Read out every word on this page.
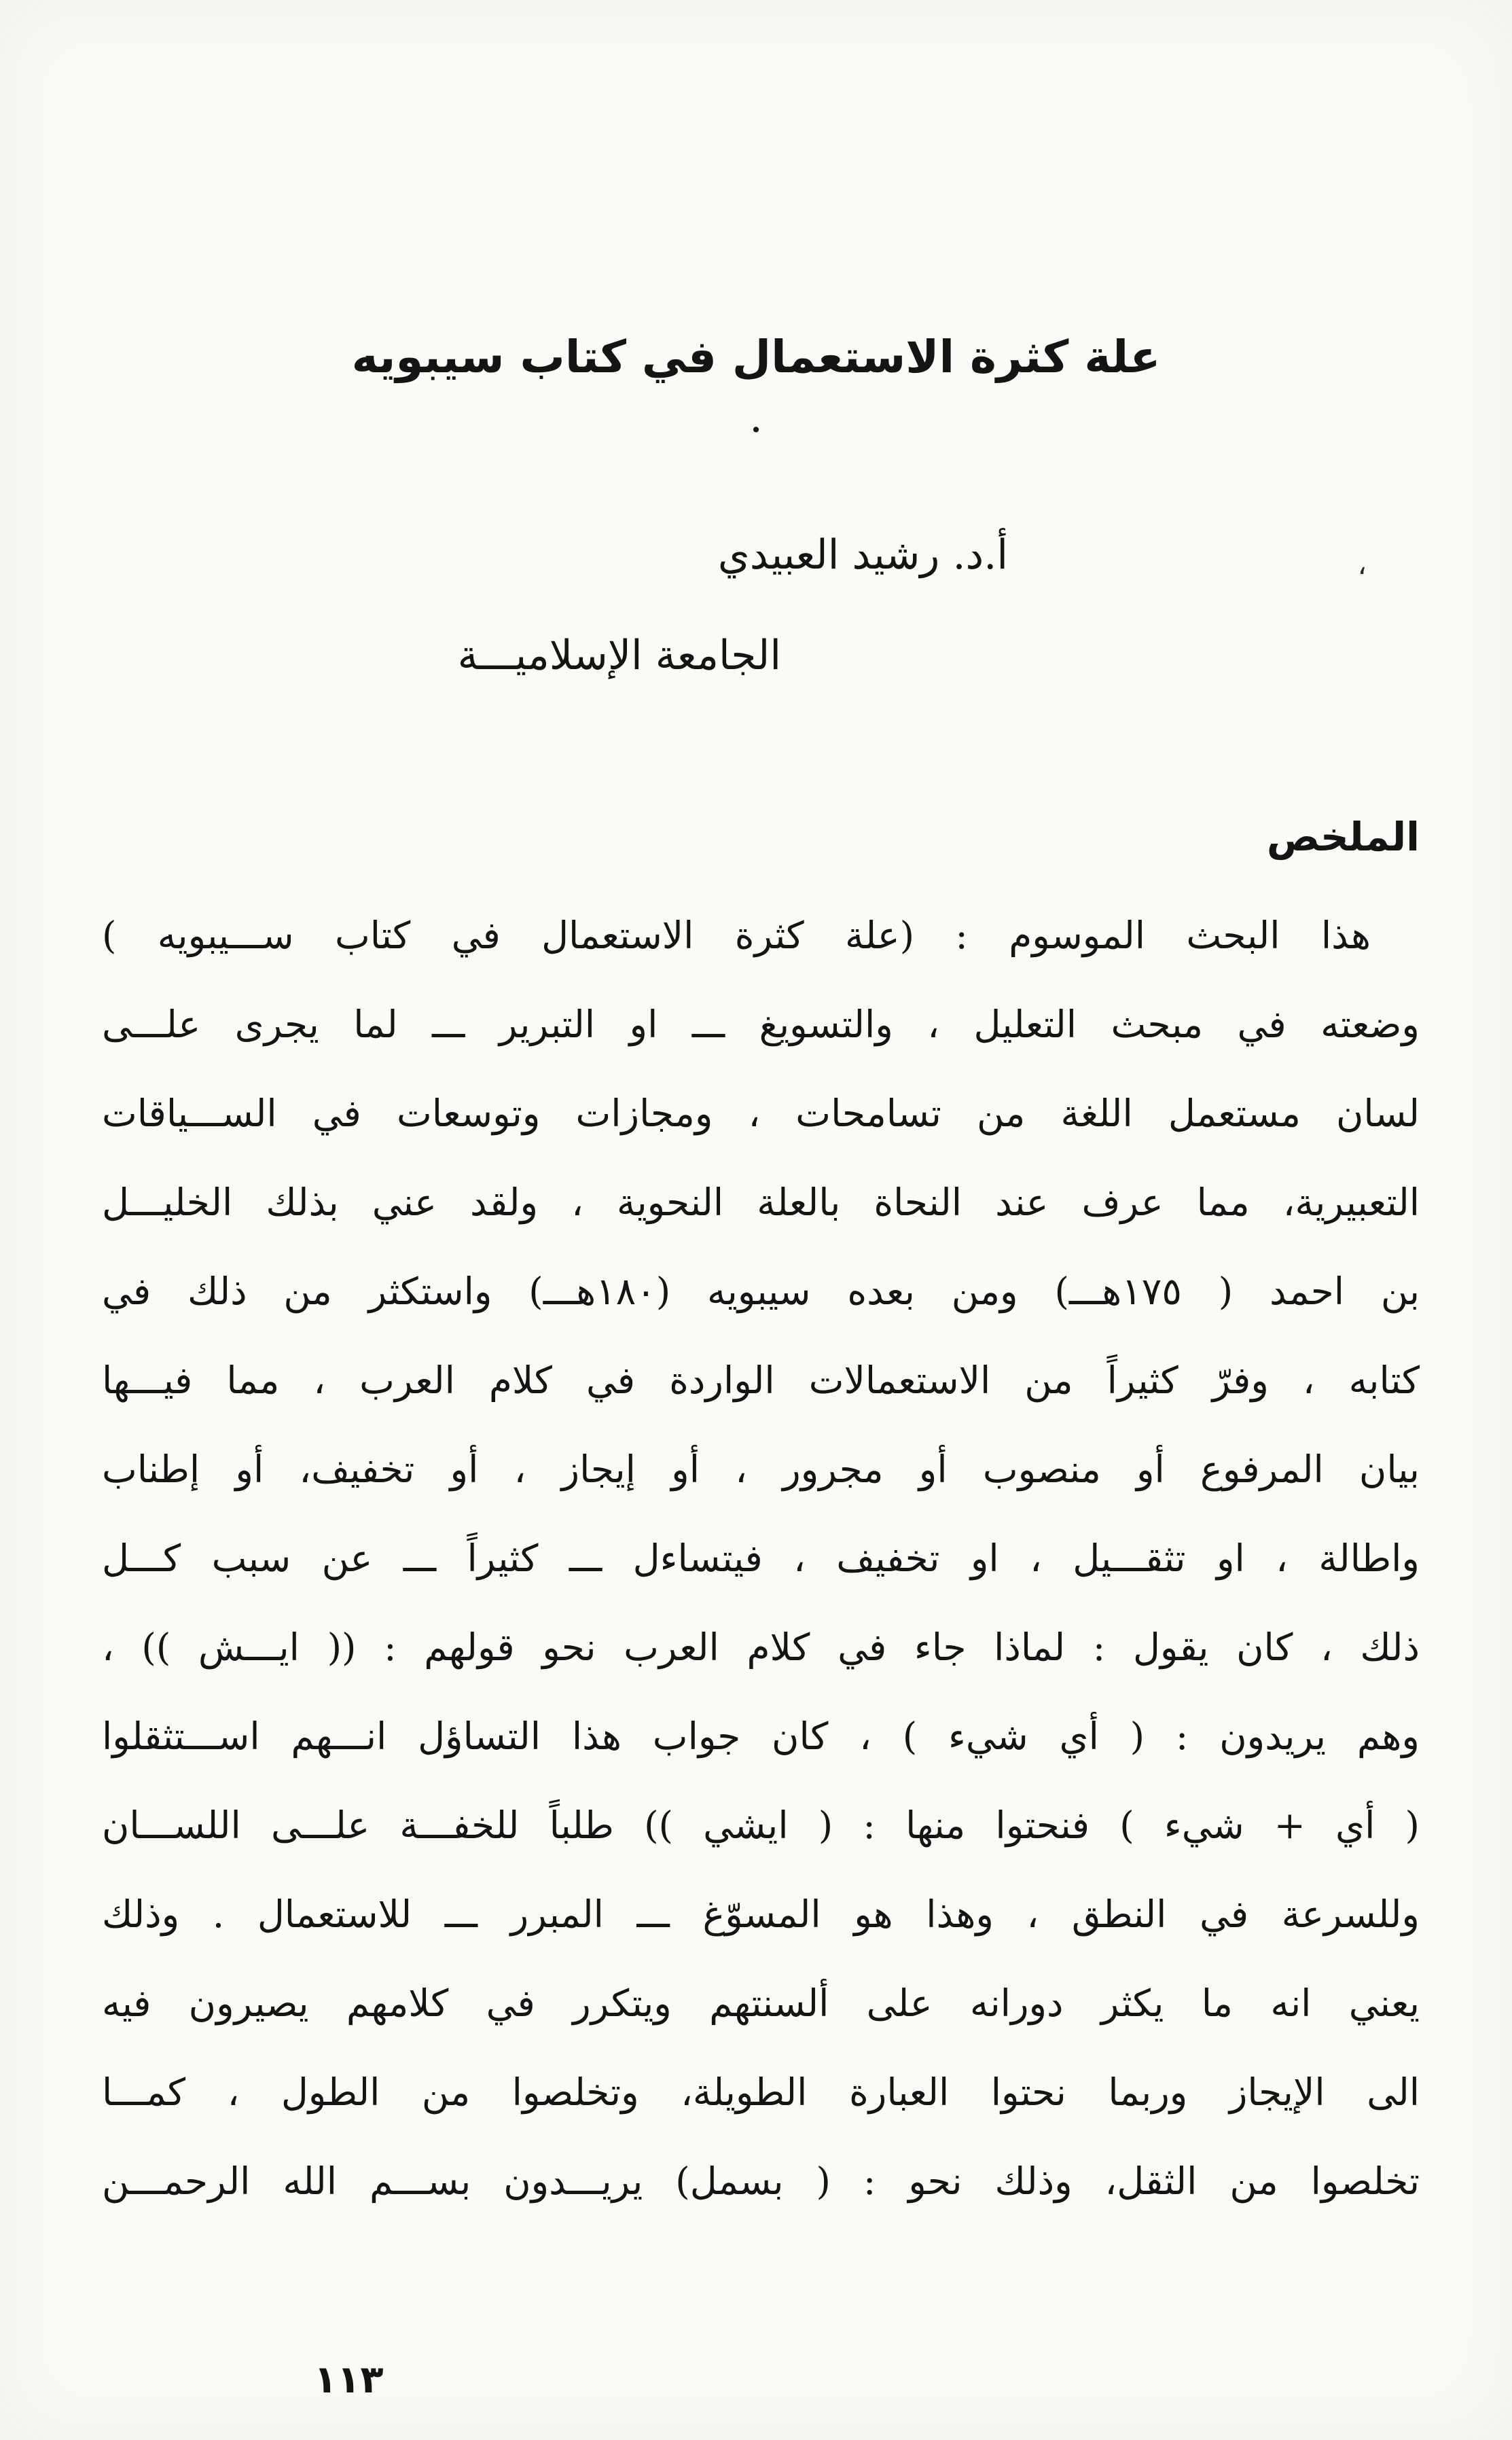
علة كثرة الاستعمال في كتاب سيبويه
.
،
أ.د. رشيد العبيدي
الجامعة الإسلاميـــة
الملخص
هذا البحث الموسوم : (علة كثرة الاستعمال في كتاب ســـيبويه )
وضعته في مبحث التعليل ، والتسويغ ـــ او التبرير ـــ لما يجرى علـــى
لسان مستعمل اللغة من تسامحات ، ومجازات وتوسعات في الســـياقات
التعبيرية، مما عرف عند النحاة بالعلة النحوية ، ولقد عني بذلك الخليـــل
بن احمد ( ١٧٥هـــ) ومن بعده سيبويه (١٨٠هـــ) واستكثر من ذلك في
كتابه ، وفرّ كثيراً من الاستعمالات الواردة في كلام العرب ، مما فيـــها
بيان المرفوع أو منصوب أو مجرور ، أو إيجاز ، أو تخفيف، أو إطناب
واطالة ، او تثقـــيل ، او تخفيف ، فيتساءل ـــ كثيراً ـــ عن سبب كـــل
ذلك ، كان يقول : لماذا جاء في كلام العرب نحو قولهم : (( ايـــش )) ،
وهم يريدون : ( أي شيء ) ، كان جواب هذا التساؤل انـــهم اســـتثقلوا
( أي + شيء ) فنحتوا منها : ( ايشي )) طلباً للخفـــة علـــى اللســـان
وللسرعة في النطق ، وهذا هو المسوّغ ـــ المبرر ـــ للاستعمال . وذلك
يعني انه ما يكثر دورانه على ألسنتهم ويتكرر في كلامهم يصيرون فيه
الى الإيجاز وربما نحتوا العبارة الطويلة، وتخلصوا من الطول ، كمـــا
تخلصوا من الثقل، وذلك نحو : ( بسمل) يريـــدون بســـم الله الرحمـــن
١١٣
